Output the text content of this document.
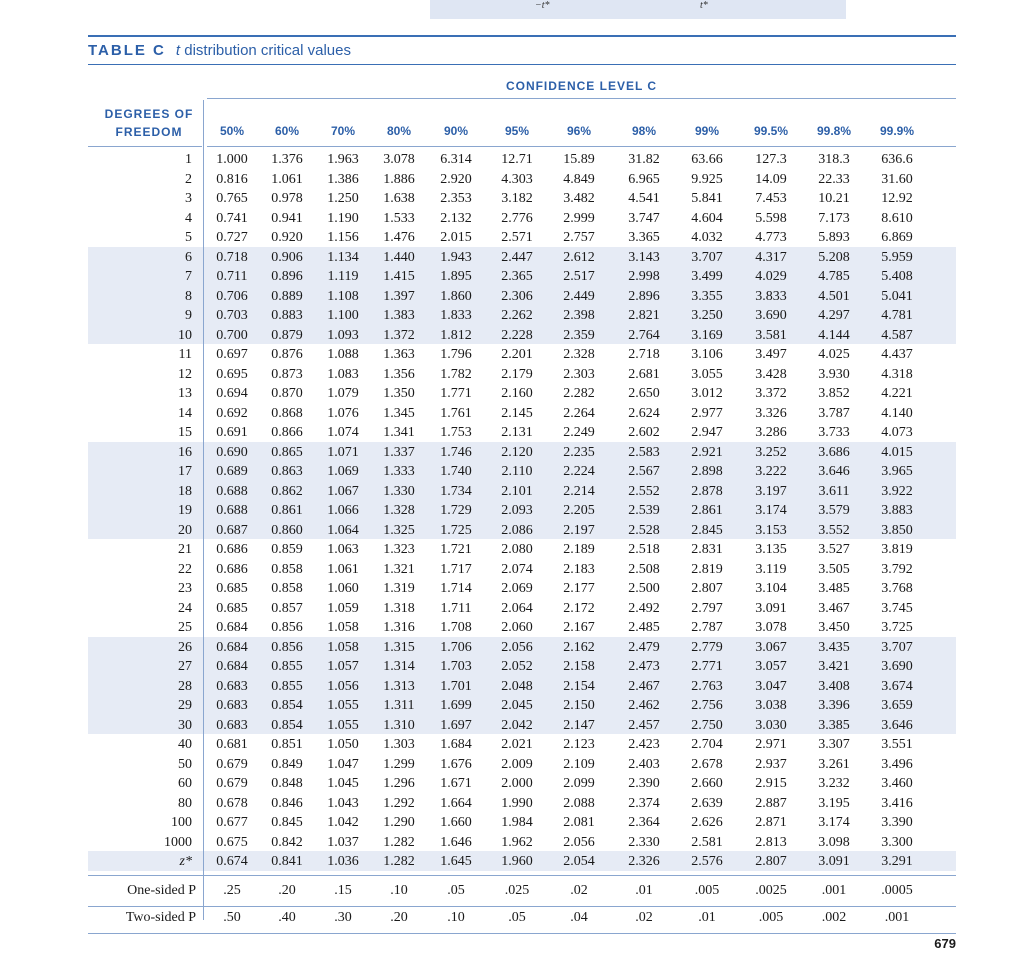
−t*	t*
TABLE C t distribution critical values
CONFIDENCE LEVEL C
DEGREES OF
FREEDOM	50%	60%	70%	80%	90%	95%	96%	98%	99%	99.5%	99.8%	99.9%
1	1.000	1.376	1.963	3.078	6.314	12.71	15.89	31.82	63.66	127.3	318.3	636.6
2	0.816	1.061	1.386	1.886	2.920	4.303	4.849	6.965	9.925	14.09	22.33	31.60
3	0.765	0.978	1.250	1.638	2.353	3.182	3.482	4.541	5.841	7.453	10.21	12.92
4	0.741	0.941	1.190	1.533	2.132	2.776	2.999	3.747	4.604	5.598	7.173	8.610
5	0.727	0.920	1.156	1.476	2.015	2.571	2.757	3.365	4.032	4.773	5.893	6.869
6	0.718	0.906	1.134	1.440	1.943	2.447	2.612	3.143	3.707	4.317	5.208	5.959
7	0.711	0.896	1.119	1.415	1.895	2.365	2.517	2.998	3.499	4.029	4.785	5.408
8	0.706	0.889	1.108	1.397	1.860	2.306	2.449	2.896	3.355	3.833	4.501	5.041
9	0.703	0.883	1.100	1.383	1.833	2.262	2.398	2.821	3.250	3.690	4.297	4.781
10	0.700	0.879	1.093	1.372	1.812	2.228	2.359	2.764	3.169	3.581	4.144	4.587
11	0.697	0.876	1.088	1.363	1.796	2.201	2.328	2.718	3.106	3.497	4.025	4.437
12	0.695	0.873	1.083	1.356	1.782	2.179	2.303	2.681	3.055	3.428	3.930	4.318
13	0.694	0.870	1.079	1.350	1.771	2.160	2.282	2.650	3.012	3.372	3.852	4.221
14	0.692	0.868	1.076	1.345	1.761	2.145	2.264	2.624	2.977	3.326	3.787	4.140
15	0.691	0.866	1.074	1.341	1.753	2.131	2.249	2.602	2.947	3.286	3.733	4.073
16	0.690	0.865	1.071	1.337	1.746	2.120	2.235	2.583	2.921	3.252	3.686	4.015
17	0.689	0.863	1.069	1.333	1.740	2.110	2.224	2.567	2.898	3.222	3.646	3.965
18	0.688	0.862	1.067	1.330	1.734	2.101	2.214	2.552	2.878	3.197	3.611	3.922
19	0.688	0.861	1.066	1.328	1.729	2.093	2.205	2.539	2.861	3.174	3.579	3.883
20	0.687	0.860	1.064	1.325	1.725	2.086	2.197	2.528	2.845	3.153	3.552	3.850
21	0.686	0.859	1.063	1.323	1.721	2.080	2.189	2.518	2.831	3.135	3.527	3.819
22	0.686	0.858	1.061	1.321	1.717	2.074	2.183	2.508	2.819	3.119	3.505	3.792
23	0.685	0.858	1.060	1.319	1.714	2.069	2.177	2.500	2.807	3.104	3.485	3.768
24	0.685	0.857	1.059	1.318	1.711	2.064	2.172	2.492	2.797	3.091	3.467	3.745
25	0.684	0.856	1.058	1.316	1.708	2.060	2.167	2.485	2.787	3.078	3.450	3.725
26	0.684	0.856	1.058	1.315	1.706	2.056	2.162	2.479	2.779	3.067	3.435	3.707
27	0.684	0.855	1.057	1.314	1.703	2.052	2.158	2.473	2.771	3.057	3.421	3.690
28	0.683	0.855	1.056	1.313	1.701	2.048	2.154	2.467	2.763	3.047	3.408	3.674
29	0.683	0.854	1.055	1.311	1.699	2.045	2.150	2.462	2.756	3.038	3.396	3.659
30	0.683	0.854	1.055	1.310	1.697	2.042	2.147	2.457	2.750	3.030	3.385	3.646
40	0.681	0.851	1.050	1.303	1.684	2.021	2.123	2.423	2.704	2.971	3.307	3.551
50	0.679	0.849	1.047	1.299	1.676	2.009	2.109	2.403	2.678	2.937	3.261	3.496
60	0.679	0.848	1.045	1.296	1.671	2.000	2.099	2.390	2.660	2.915	3.232	3.460
80	0.678	0.846	1.043	1.292	1.664	1.990	2.088	2.374	2.639	2.887	3.195	3.416
100	0.677	0.845	1.042	1.290	1.660	1.984	2.081	2.364	2.626	2.871	3.174	3.390
1000	0.675	0.842	1.037	1.282	1.646	1.962	2.056	2.330	2.581	2.813	3.098	3.300
z*	0.674	0.841	1.036	1.282	1.645	1.960	2.054	2.326	2.576	2.807	3.091	3.291
One-sided P	.25	.20	.15	.10	.05	.025	.02	.01	.005	.0025	.001	.0005
Two-sided P	.50	.40	.30	.20	.10	.05	.04	.02	.01	.005	.002	.001
679
